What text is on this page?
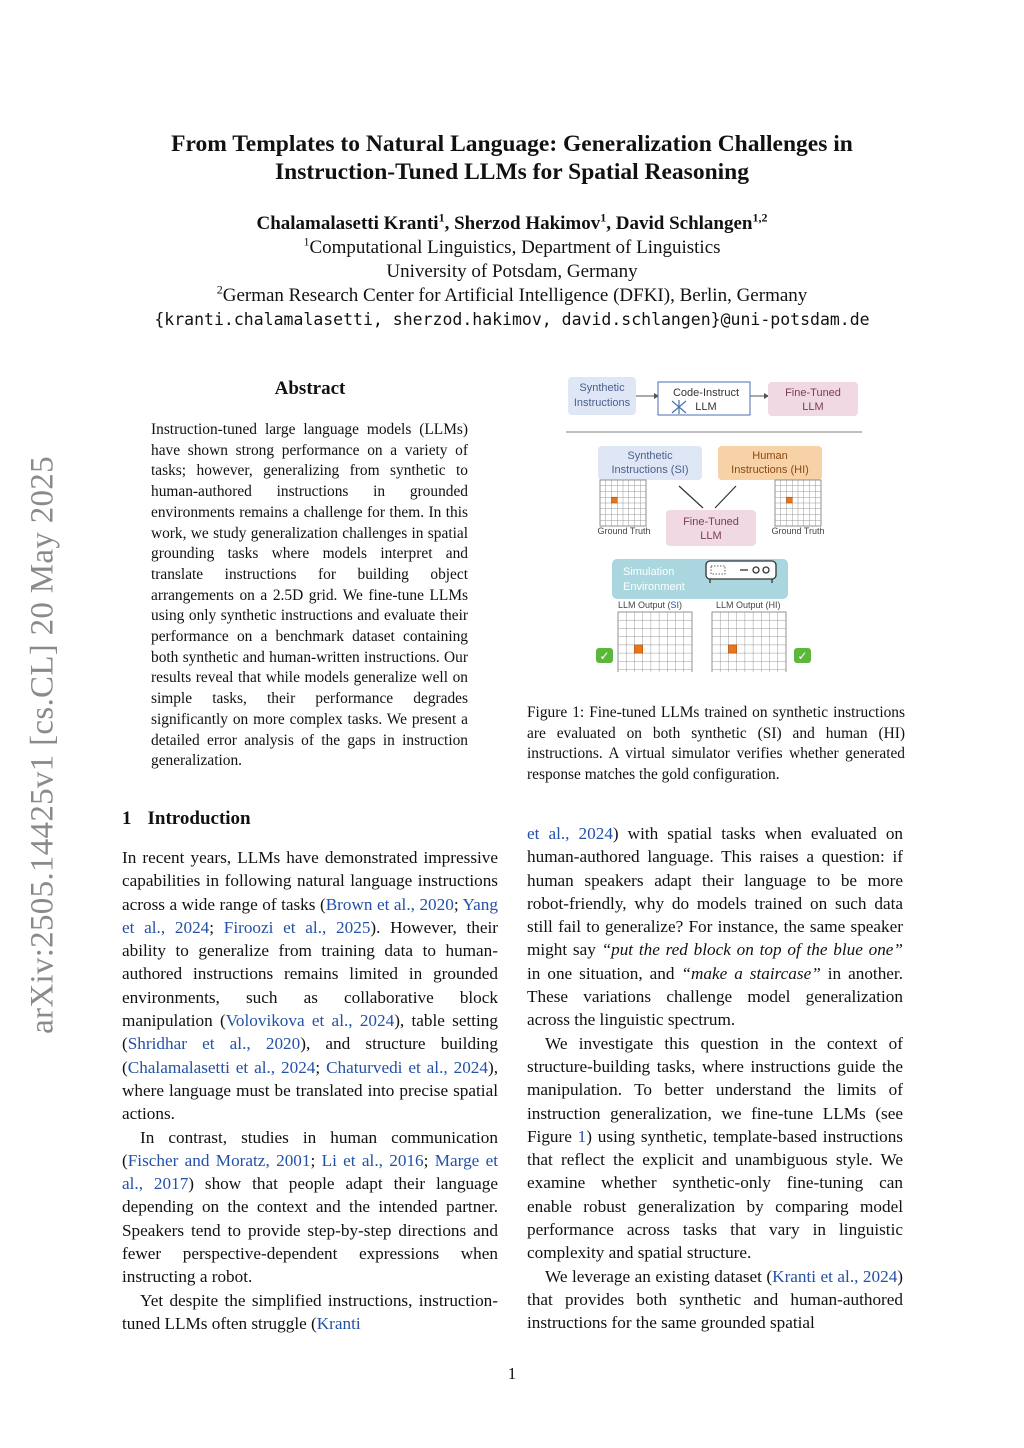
From Templates to Natural Language: Generalization Challenges in
Instruction-Tuned LLMs for Spatial Reasoning
Chalamalasetti Kranti$^1$, Sherzod Hakimov$^1$, David Schlangen$^{1,2}$
$^1$Computational Linguistics, Department of Linguistics
University of Potsdam, Germany
$^2$German Research Center for Artificial Intelligence (DFKI), Berlin, Germany
{kranti.chalamalasetti, sherzod.hakimov, david.schlangen}@uni-potsdam.de
arXiv:2505.14425v1 [cs.CL] 20 May 2025
Abstract
Instruction-tuned large language models (LLMs) have shown strong performance on a variety of tasks; however, generalizing from synthetic to human-authored instructions in grounded environments remains a challenge for them. In this work, we study generalization challenges in spatial grounding tasks where models interpret and translate instructions for building object arrangements on a 2.5D grid. We fine-tune LLMs using only synthetic instructions and evaluate their performance on a benchmark dataset containing both synthetic and human-written instructions. Our results reveal that while models generalize well on simple tasks, their performance degrades significantly on more complex tasks. We present a detailed error analysis of the gaps in instruction generalization.
Synthetic
Instructions
Code-Instruct
LLM
Fine-Tuned
LLM
Synthetic
Instructions (SI)
Human
Instructions (HI)
Ground Truth	Ground Truth
Fine-Tuned
LLM
Simulation
Environment
LLM Output (SI)	LLM Output (HI)
✓	✓
Figure 1: Fine-tuned LLMs trained on synthetic instructions are evaluated on both synthetic (SI) and human (HI) instructions. A virtual simulator verifies whether generated response matches the gold configuration.
1 Introduction

In recent years, LLMs have demonstrated impressive capabilities in following natural language instructions across a wide range of tasks (Brown et al., 2020; Yang et al., 2024; Firoozi et al., 2025). However, their ability to generalize from training data to human-authored instructions remains limited in grounded environments, such as collaborative block manipulation (Volovikova et al., 2024), table setting (Shridhar et al., 2020), and structure building (Chalamalasetti et al., 2024; Chaturvedi et al., 2024), where language must be translated into precise spatial actions.

In contrast, studies in human communication (Fischer and Moratz, 2001; Li et al., 2016; Marge et al., 2017) show that people adapt their language depending on the context and the intended partner. Speakers tend to provide step-by-step directions and fewer perspective-dependent expressions when instructing a robot.

Yet despite the simplified instructions, instruction-tuned LLMs often struggle (Kranti

et al., 2024) with spatial tasks when evaluated on human-authored language. This raises a question: if human speakers adapt their language to be more robot-friendly, why do models trained on such data still fail to generalize? For instance, the same speaker might say “put the red block on top of the blue one” in one situation, and “make a staircase” in another. These variations challenge model generalization across the linguistic spectrum.

We investigate this question in the context of structure-building tasks, where instructions guide the manipulation. To better understand the limits of instruction generalization, we fine-tune LLMs (see Figure 1) using synthetic, template-based instructions that reflect the explicit and unambiguous style. We examine whether synthetic-only fine-tuning can enable robust generalization by comparing model performance across tasks that vary in linguistic complexity and spatial structure.

We leverage an existing dataset (Kranti et al., 2024) that provides both synthetic and human-authored instructions for the same grounded spatial

1
